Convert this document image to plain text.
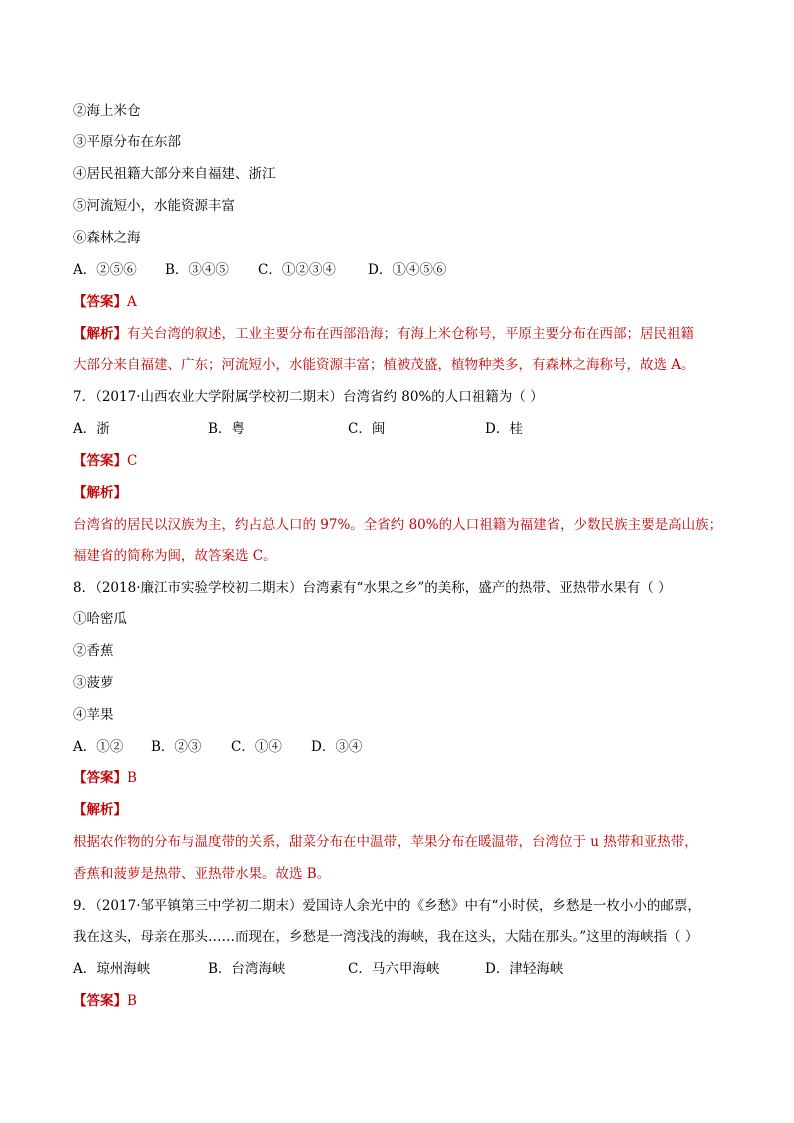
②海上米仓
③平原分布在东部
④居民祖籍大部分来自福建、浙江
⑤河流短小，水能资源丰富
⑥森林之海
A．②⑤⑥ B．③④⑤ C．①②③④ D．①④⑤⑥
【答案】A
【解析】有关台湾的叙述，工业主要分布在西部沿海；有海上米仓称号，平原主要分布在西部；居民祖籍
大部分来自福建、广东；河流短小，水能资源丰富；植被茂盛，植物种类多，有森林之海称号，故选 A。
7．（2017·山西农业大学附属学校初二期末）台湾省约 80%的人口祖籍为（ ）
A．浙	B．粤	C．闽	D．桂
【答案】C
【解析】
台湾省的居民以汉族为主，约占总人口的 97%。全省约 80%的人口祖籍为福建省，少数民族主要是高山族；
福建省的简称为闽，故答案选 C。
8．（2018·廉江市实验学校初二期末）台湾素有“水果之乡”的美称，盛产的热带、亚热带水果有（ ）
①哈密瓜
②香蕉
③菠萝
④苹果
A．①② B．②③ C．①④ D．③④
【答案】B
【解析】
根据农作物的分布与温度带的关系，甜菜分布在中温带，苹果分布在暖温带，台湾位于 u 热带和亚热带，
香蕉和菠萝是热带、亚热带水果。故选 B。
9．（2017·邹平镇第三中学初二期末）爱国诗人余光中的《乡愁》中有“小时侯，乡愁是一枚小小的邮票，
我在这头，母亲在那头……而现在，乡愁是一湾浅浅的海峡，我在这头，大陆在那头。”这里的海峡指（ ）
A．琼州海峡	B．台湾海峡	C．马六甲海峡	D．津轻海峡
【答案】B
